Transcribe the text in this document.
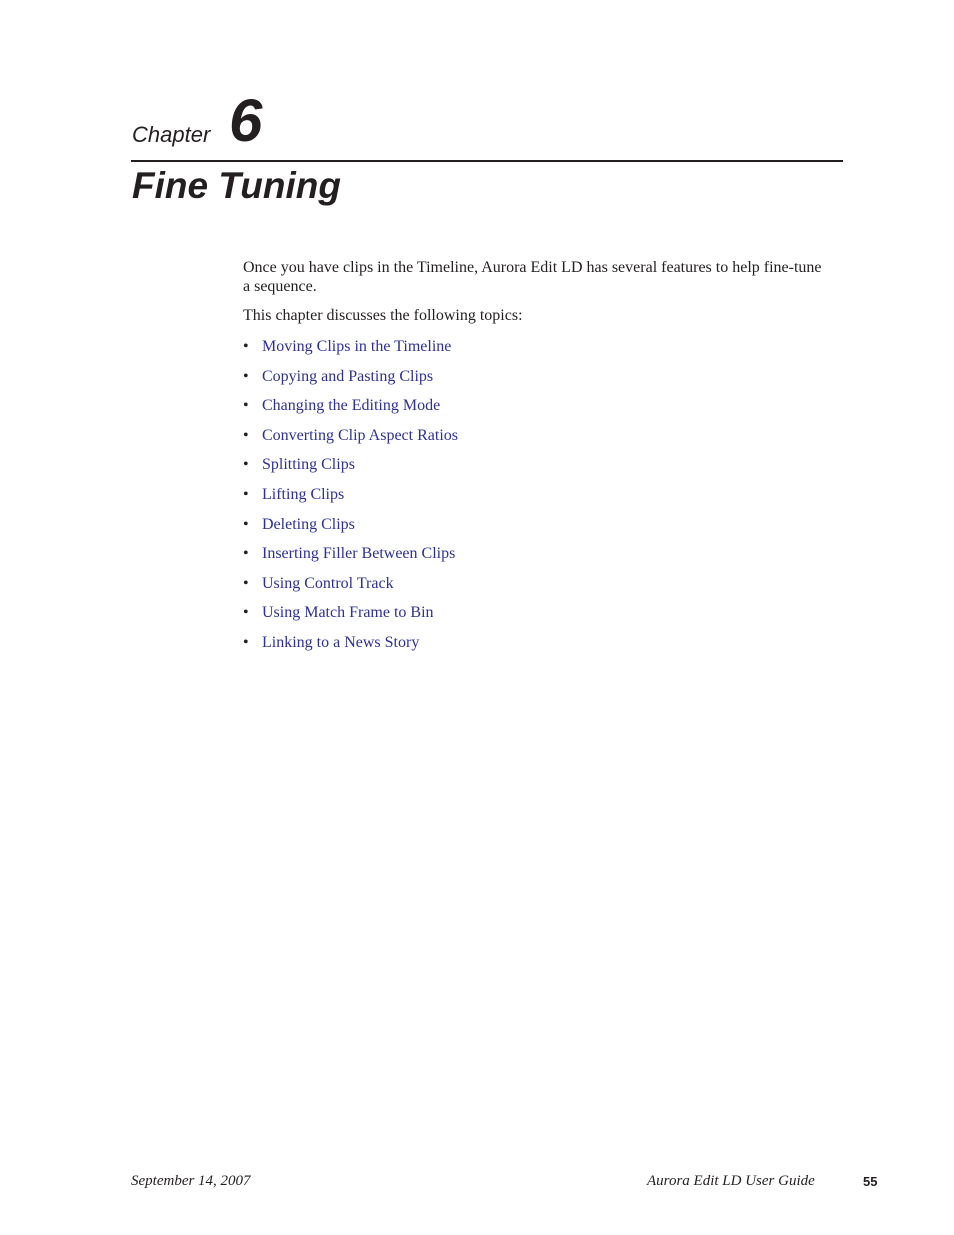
Chapter 6
Fine Tuning

Once you have clips in the Timeline, Aurora Edit LD has several features to help fine-tune a sequence.

This chapter discusses the following topics:

• Moving Clips in the Timeline
• Copying and Pasting Clips
• Changing the Editing Mode
• Converting Clip Aspect Ratios
• Splitting Clips
• Lifting Clips
• Deleting Clips
• Inserting Filler Between Clips
• Using Control Track
• Using Match Frame to Bin
• Linking to a News Story
September 14, 2007	Aurora Edit LD User Guide	55
